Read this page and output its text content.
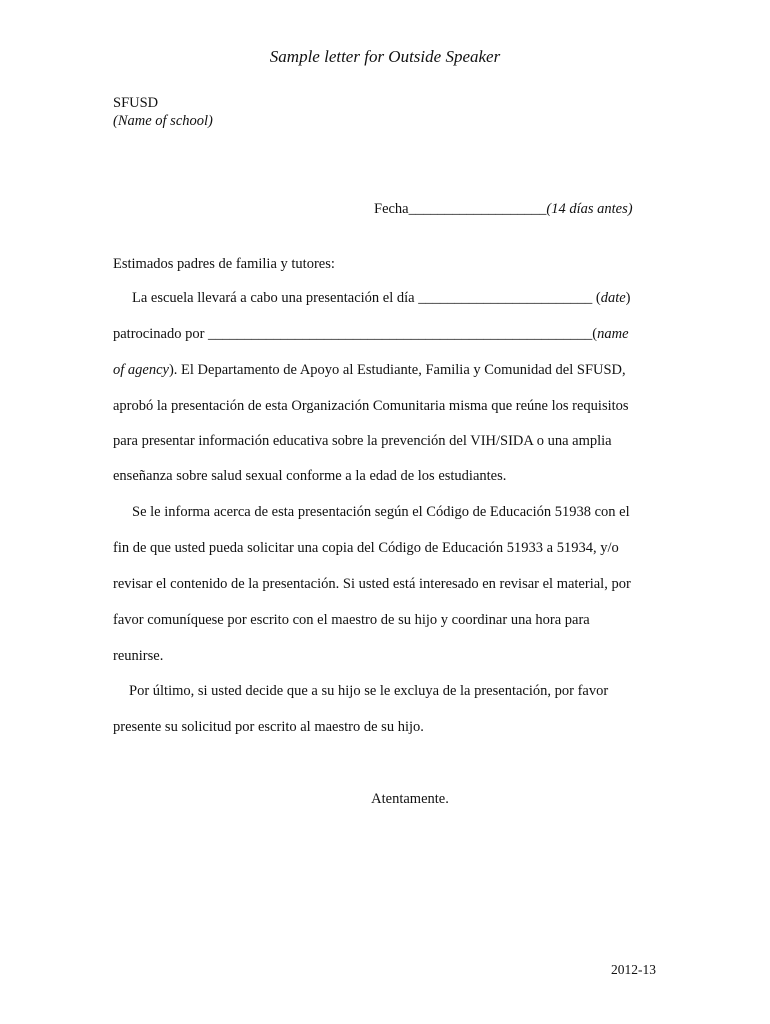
Sample letter for Outside Speaker
SFUSD
(Name of school)
Fecha___________________(14 días antes)
Estimados padres de familia y tutores:
La escuela llevará a cabo una presentación el día ________________________ (date)
patrocinado por _____________________________________________________(name
of agency). El Departamento de Apoyo al Estudiante, Familia y Comunidad del SFUSD,
aprobó la presentación de esta Organización Comunitaria misma que reúne los requisitos
para presentar información educativa sobre la prevención del VIH/SIDA o una amplia
enseñanza sobre salud sexual conforme a la edad de los estudiantes.
Se le informa acerca de esta presentación según el Código de Educación 51938 con el
fin de que usted pueda solicitar una copia del Código de Educación 51933 a 51934, y/o
revisar el contenido de la presentación. Si usted está interesado en revisar el material, por
favor comuníquese por escrito con el maestro de su hijo y coordinar una hora para
reunirse.
Por último, si usted decide que a su hijo se le excluya de la presentación, por favor
presente su solicitud por escrito al maestro de su hijo.
Atentamente.
2012-13
